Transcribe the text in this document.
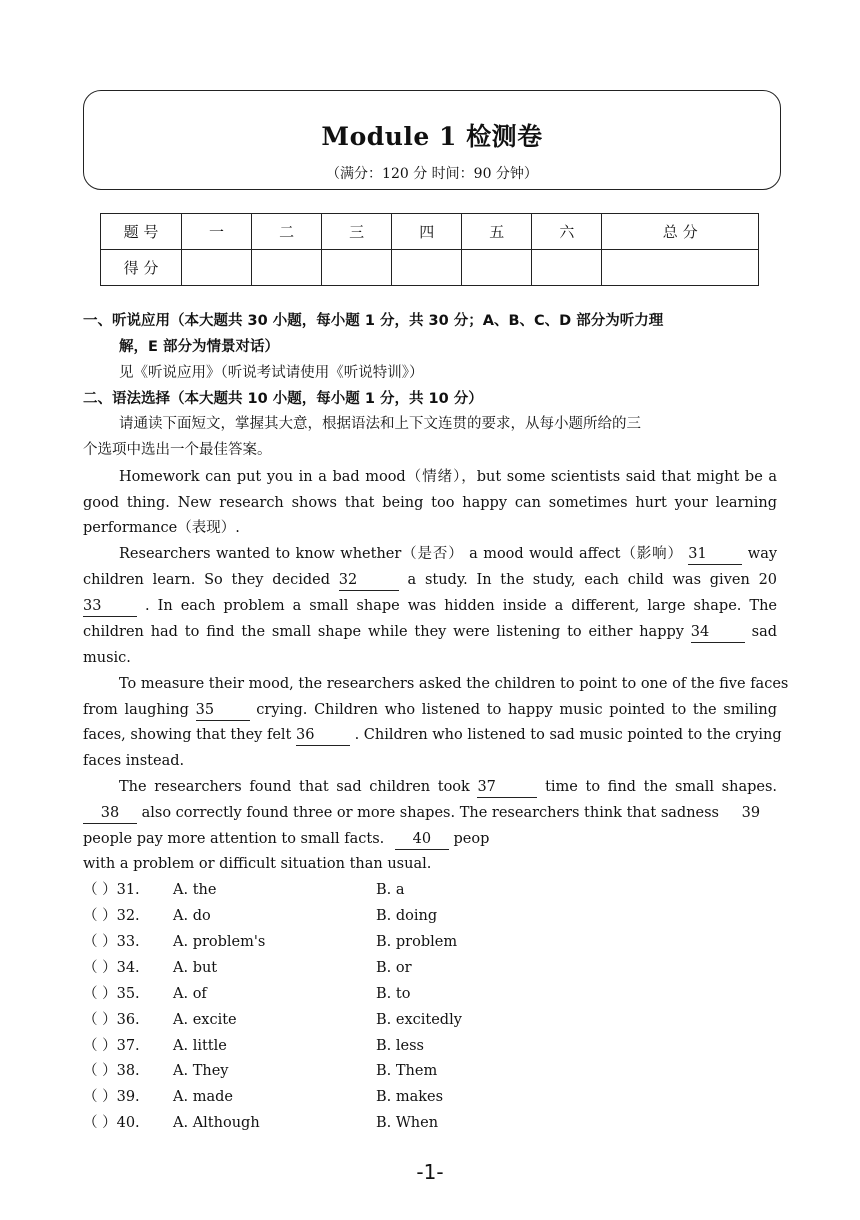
Module 1 检测卷
（满分：120 分 时间：90 分钟）
题 号	一	二	三	四	五	六	总 分
得 分							
一、听说应用（本大题共 30 小题，每小题 1 分，共 30 分；A、B、C、D 部分为听力理
解，E 部分为情景对话）
见《听说应用》（听说考试请使用《听说特训》）
二、语法选择（本大题共 10 小题，每小题 1 分，共 10 分）
请通读下面短文，掌握其大意，根据语法和上下文连贯的要求，从每小题所给的三
个选项中选出一个最佳答案。
Homework can put you in a bad mood（情绪），but some scientists said that might be a
good thing. New research shows that being too happy can sometimes hurt your learning
performance（表现）.
Researchers wanted to know whether（是否） a mood would affect（影响） 31	way
children learn. So they decided 32	a study. In the study, each child was given 20
33	. In each problem a small shape was hidden inside a different, large shape. The
children had to find the small shape while they were listening to either happy 34	sad
music.
To measure their mood, the researchers asked the children to point to one of the five faces
from laughing 35	crying. Children who listened to happy music pointed to the smiling
faces, showing that they felt 36	. Children who listened to sad music pointed to the crying
faces instead.
The researchers found that sad children took 37	time to find the small shapes.
38 also correctly found three or more shapes. The researchers think that sadness 39
people pay more attention to small facts. 40 peop
with a problem or difficult situation than usual.
（ ）31. A. the	B. a
（ ）32. A. do	B. doing
（ ）33. A. problem's	B. problem
（ ）34. A. but	B. or
（ ）35. A. of	B. to
（ ）36. A. excite	B. excitedly
（ ）37. A. little	B. less
（ ）38. A. They	B. Them
（ ）39. A. made	B. makes
（ ）40. A. Although	B. When
-1-
